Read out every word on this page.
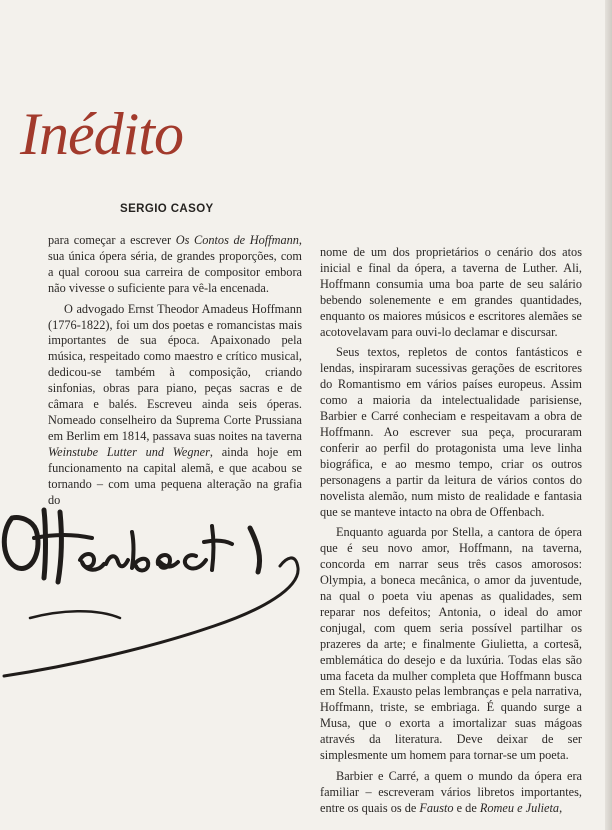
Inédito
SERGIO CASOY

para começar a escrever Os Contos de Hoffmann, sua única ópera séria, de grandes proporções, com a qual coroou sua carreira de compositor embora não vivesse o suficiente para vê-la encenada.

O advogado Ernst Theodor Amadeus Hoffmann (1776-1822), foi um dos poetas e romancistas mais importantes de sua época. Apaixonado pela música, respeitado como maestro e crítico musical, dedicou-se também à composição, criando sinfonias, obras para piano, peças sacras e de câmara e balés. Escreveu ainda seis óperas. Nomeado conselheiro da Suprema Corte Prussiana em Berlim em 1814, passava suas noites na taverna Weinstube Lutter und Wegner, ainda hoje em funcionamento na capital alemã, e que acabou se tornando – com uma pequena alteração na grafia do

nome de um dos proprietários o cenário dos atos inicial e final da ópera, a taverna de Luther. Ali, Hoffmann consumia uma boa parte de seu salário bebendo solenemente e em grandes quantidades, enquanto os maiores músicos e escritores alemães se acotovelavam para ouvi-lo declamar e discursar.

Seus textos, repletos de contos fantásticos e lendas, inspiraram sucessivas gerações de escritores do Romantismo em vários países europeus. Assim como a maioria da intelectualidade parisiense, Barbier e Carré conheciam e respeitavam a obra de Hoffmann. Ao escrever sua peça, procuraram conferir ao perfil do protagonista uma leve linha biográfica, e ao mesmo tempo, criar os outros personagens a partir da leitura de vários contos do novelista alemão, num misto de realidade e fantasia que se manteve intacto na obra de Offenbach.

Enquanto aguarda por Stella, a cantora de ópera que é seu novo amor, Hoffmann, na taverna, concorda em narrar seus três casos amorosos: Olympia, a boneca mecânica, o amor da juventude, na qual o poeta viu apenas as qualidades, sem reparar nos defeitos; Antonia, o ideal do amor conjugal, com quem seria possível partilhar os prazeres da arte; e finalmente Giulietta, a cortesã, emblemática do desejo e da luxúria. Todas elas são uma faceta da mulher completa que Hoffmann busca em Stella. Exausto pelas lembranças e pela narrativa, Hoffmann, triste, se embriaga. É quando surge a Musa, que o exorta a imortalizar suas mágoas através da literatura. Deve deixar de ser simplesmente um homem para tornar-se um poeta.

Barbier e Carré, a quem o mundo da ópera era familiar – escreveram vários libretos importantes, entre os quais os de Fausto e de Romeu e Julieta,
